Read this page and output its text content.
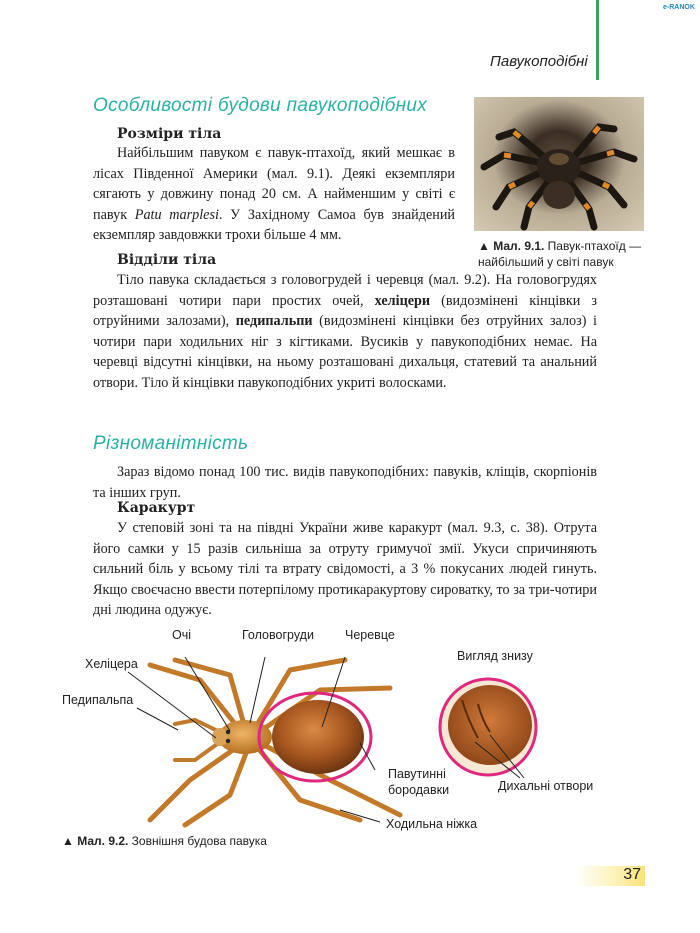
e-RANOK
Павукоподібні
Особливості будови павукоподібних
▲ Мал. 9.1. Павук-птахоїд — найбільший у світі павук
Розміри тіла
Найбільшим павуком є павук-птахоїд, який мешкає в лісах Південної Америки (мал. 9.1). Деякі екземпляри сягають у довжину понад 20 см. А найменшим у світі є павук Patu marplesi. У Західному Самоа був знайдений екземпляр завдовжки трохи більше 4 мм.
Відділи тіла
Тіло павука складається з головогрудей і черевця (мал. 9.2). На головогрудях розташовані чотири пари простих очей, хеліцери (видозмінені кінцівки з отруйними залозами), педипальпи (видозмінені кінцівки без отруйних залоз) і чотири пари ходильних ніг з кігтиками. Вусиків у павукоподібних немає. На черевці відсутні кінцівки, на ньому розташовані дихальця, статевий та анальний отвори. Тіло й кінцівки павукоподібних укриті волосками.
Різноманітність
Зараз відомо понад 100 тис. видів павукоподібних: павуків, кліщів, скорпіонів та інших груп.
Каракурт
У степовій зоні та на півдні України живе каракурт (мал. 9.3, с. 38). Отрута його самки у 15 разів сильніша за отруту гримучої змії. Укуси спричиняють сильний біль у всьому тілі та втрату свідомості, а 3 % покусаних людей гинуть. Якщо своєчасно ввести потерпілому протикаракуртову сироватку, то за три-чотири дні людина одужує.
Очі	Головогруди Черевце
Хеліцера
Педипальпа
Вигляд знизу
Павутинні
бородавки	Дихальні отвори
Ходильна ніжка
▲ Мал. 9.2. Зовнішня будова павука
37
